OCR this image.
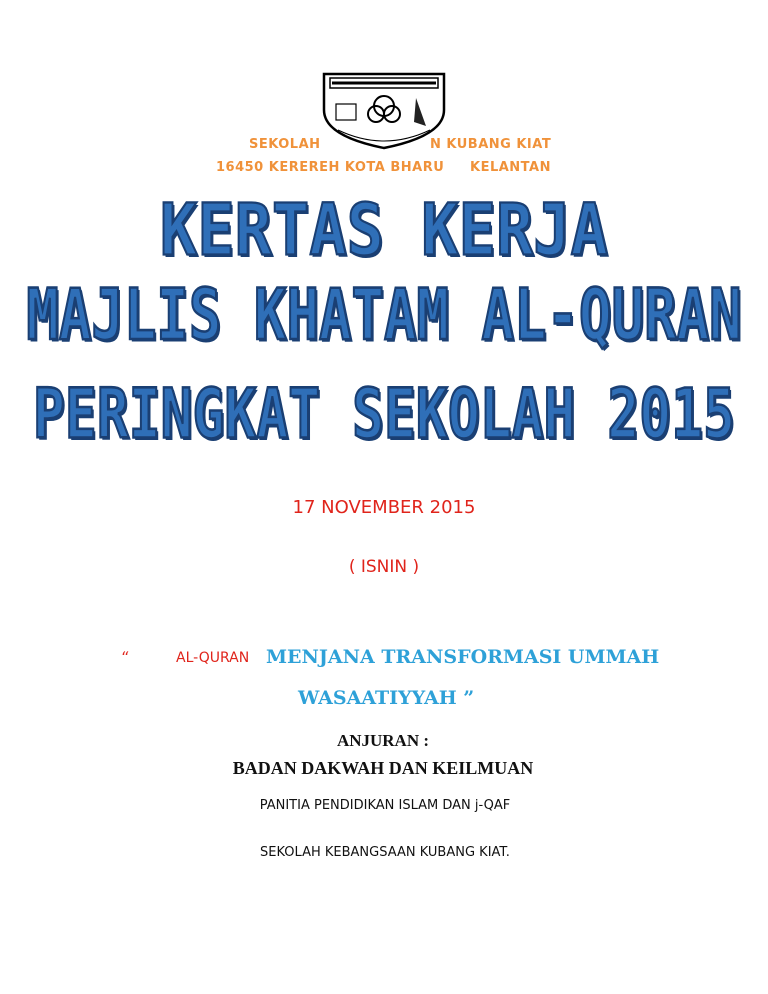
SEKOLAH	N KUBANG KIAT
16450 KEREREH KOTA BHARU KELANTAN
KERTAS KERJA
MAJLIS KHATAM AL-QURAN
PERINGKAT SEKOLAH 2015
17 NOVEMBER 2015
( ISNIN )
“	AL-QURAN MENJANA TRANSFORMASI UMMAH
WASAATIYYAH ”
ANJURAN :
BADAN DAKWAH DAN KEILMUAN
PANITIA PENDIDIKAN ISLAM DAN j-QAF
SEKOLAH KEBANGSAAN KUBANG KIAT.
